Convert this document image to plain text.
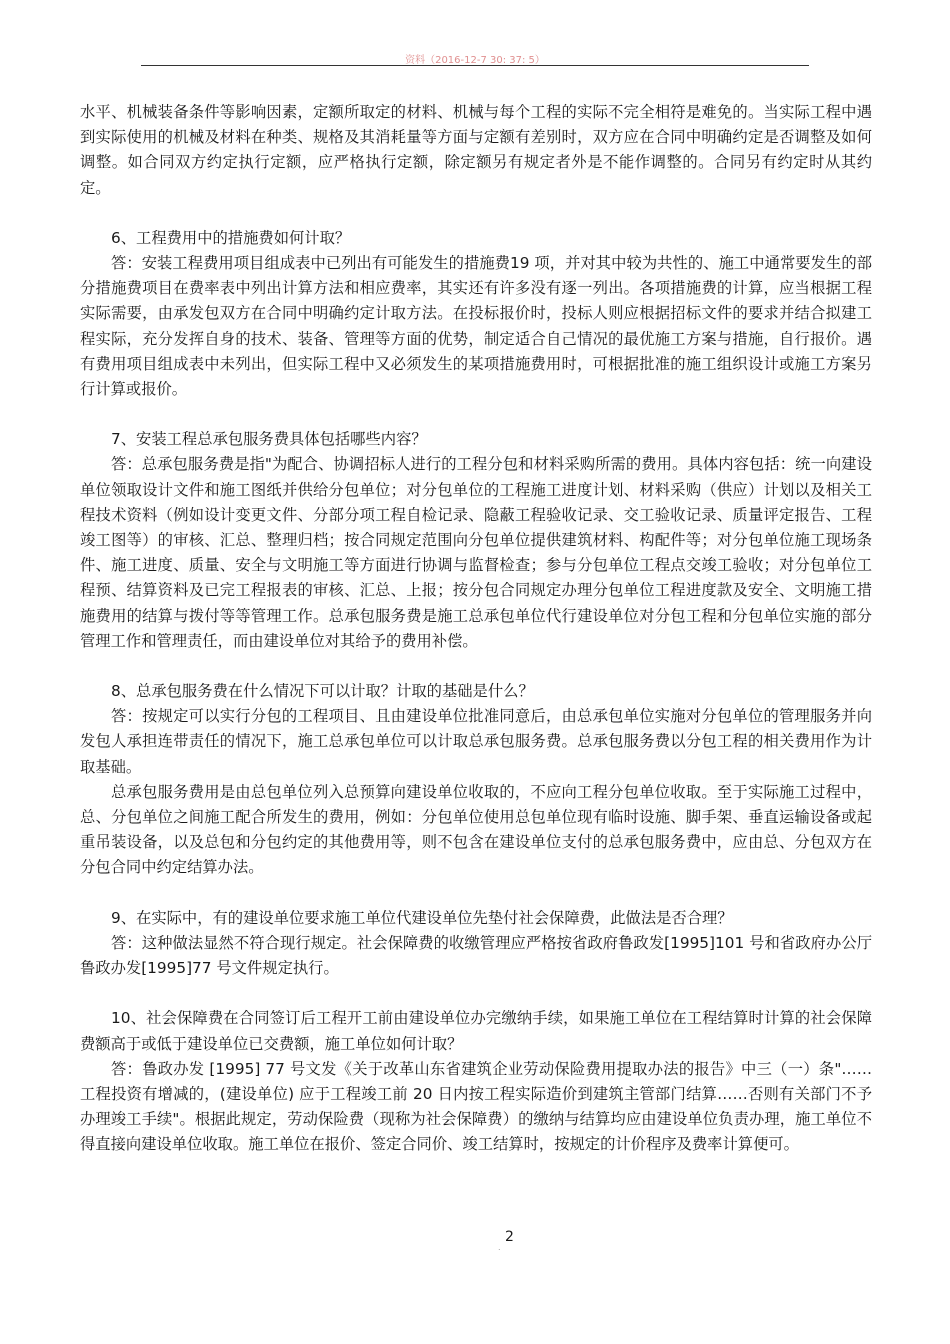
资料（2016-12-7 30: 37: 5）

水平、机械装备条件等影响因素，定额所取定的材料、机械与每个工程的实际不完全相符是难免的。当实际工程中遇到实际使用的机械及材料在种类、规格及其消耗量等方面与定额有差别时，双方应在合同中明确约定是否调整及如何调整。如合同双方约定执行定额，应严格执行定额，除定额另有规定者外是不能作调整的。合同另有约定时从其约定。

6、工程费用中的措施费如何计取？

答：安装工程费用项目组成表中已列出有可能发生的措施费19 项，并对其中较为共性的、施工中通常要发生的部分措施费项目在费率表中列出计算方法和相应费率，其实还有许多没有逐一列出。各项措施费的计算，应当根据工程实际需要，由承发包双方在合同中明确约定计取方法。在投标报价时，投标人则应根据招标文件的要求并结合拟建工程实际，充分发挥自身的技术、装备、管理等方面的优势，制定适合自己情况的最优施工方案与措施，自行报价。遇有费用项目组成表中未列出，但实际工程中又必须发生的某项措施费用时，可根据批准的施工组织设计或施工方案另行计算或报价。

7、安装工程总承包服务费具体包括哪些内容？

答：总承包服务费是指"为配合、协调招标人进行的工程分包和材料采购所需的费用。具体内容包括：统一向建设单位领取设计文件和施工图纸并供给分包单位；对分包单位的工程施工进度计划、材料采购（供应）计划以及相关工程技术资料（例如设计变更文件、分部分项工程自检记录、隐蔽工程验收记录、交工验收记录、质量评定报告、工程竣工图等）的审核、汇总、整理归档；按合同规定范围向分包单位提供建筑材料、构配件等；对分包单位施工现场条件、施工进度、质量、安全与文明施工等方面进行协调与监督检查；参与分包单位工程点交竣工验收；对分包单位工程预、结算资料及已完工程报表的审核、汇总、上报；按分包合同规定办理分包单位工程进度款及安全、文明施工措施费用的结算与拨付等等管理工作。总承包服务费是施工总承包单位代行建设单位对分包工程和分包单位实施的部分管理工作和管理责任，而由建设单位对其给予的费用补偿。

8、总承包服务费在什么情况下可以计取？计取的基础是什么？

答：按规定可以实行分包的工程项目、且由建设单位批准同意后，由总承包单位实施对分包单位的管理服务并向发包人承担连带责任的情况下，施工总承包单位可以计取总承包服务费。总承包服务费以分包工程的相关费用作为计取基础。

总承包服务费用是由总包单位列入总预算向建设单位收取的，不应向工程分包单位收取。至于实际施工过程中，总、分包单位之间施工配合所发生的费用，例如：分包单位使用总包单位现有临时设施、脚手架、垂直运输设备或起重吊装设备，以及总包和分包约定的其他费用等，则不包含在建设单位支付的总承包服务费中，应由总、分包双方在分包合同中约定结算办法。

9、在实际中，有的建设单位要求施工单位代建设单位先垫付社会保障费，此做法是否合理？

答：这种做法显然不符合现行规定。社会保障费的收缴管理应严格按省政府鲁政发[1995]101 号和省政府办公厅鲁政办发[1995]77 号文件规定执行。

10、社会保障费在合同签订后工程开工前由建设单位办完缴纳手续，如果施工单位在工程结算时计算的社会保障费额高于或低于建设单位已交费额，施工单位如何计取？

答：鲁政办发 [1995] 77 号文发《关于改革山东省建筑企业劳动保险费用提取办法的报告》中三（一）条"……工程投资有增减的，(建设单位) 应于工程竣工前 20 日内按工程实际造价到建筑主管部门结算……否则有关部门不予办理竣工手续"。根据此规定，劳动保险费（现称为社会保障费）的缴纳与结算均应由建设单位负责办理，施工单位不得直接向建设单位收取。施工单位在报价、签定合同价、竣工结算时，按规定的计价程序及费率计算便可。

2
.
